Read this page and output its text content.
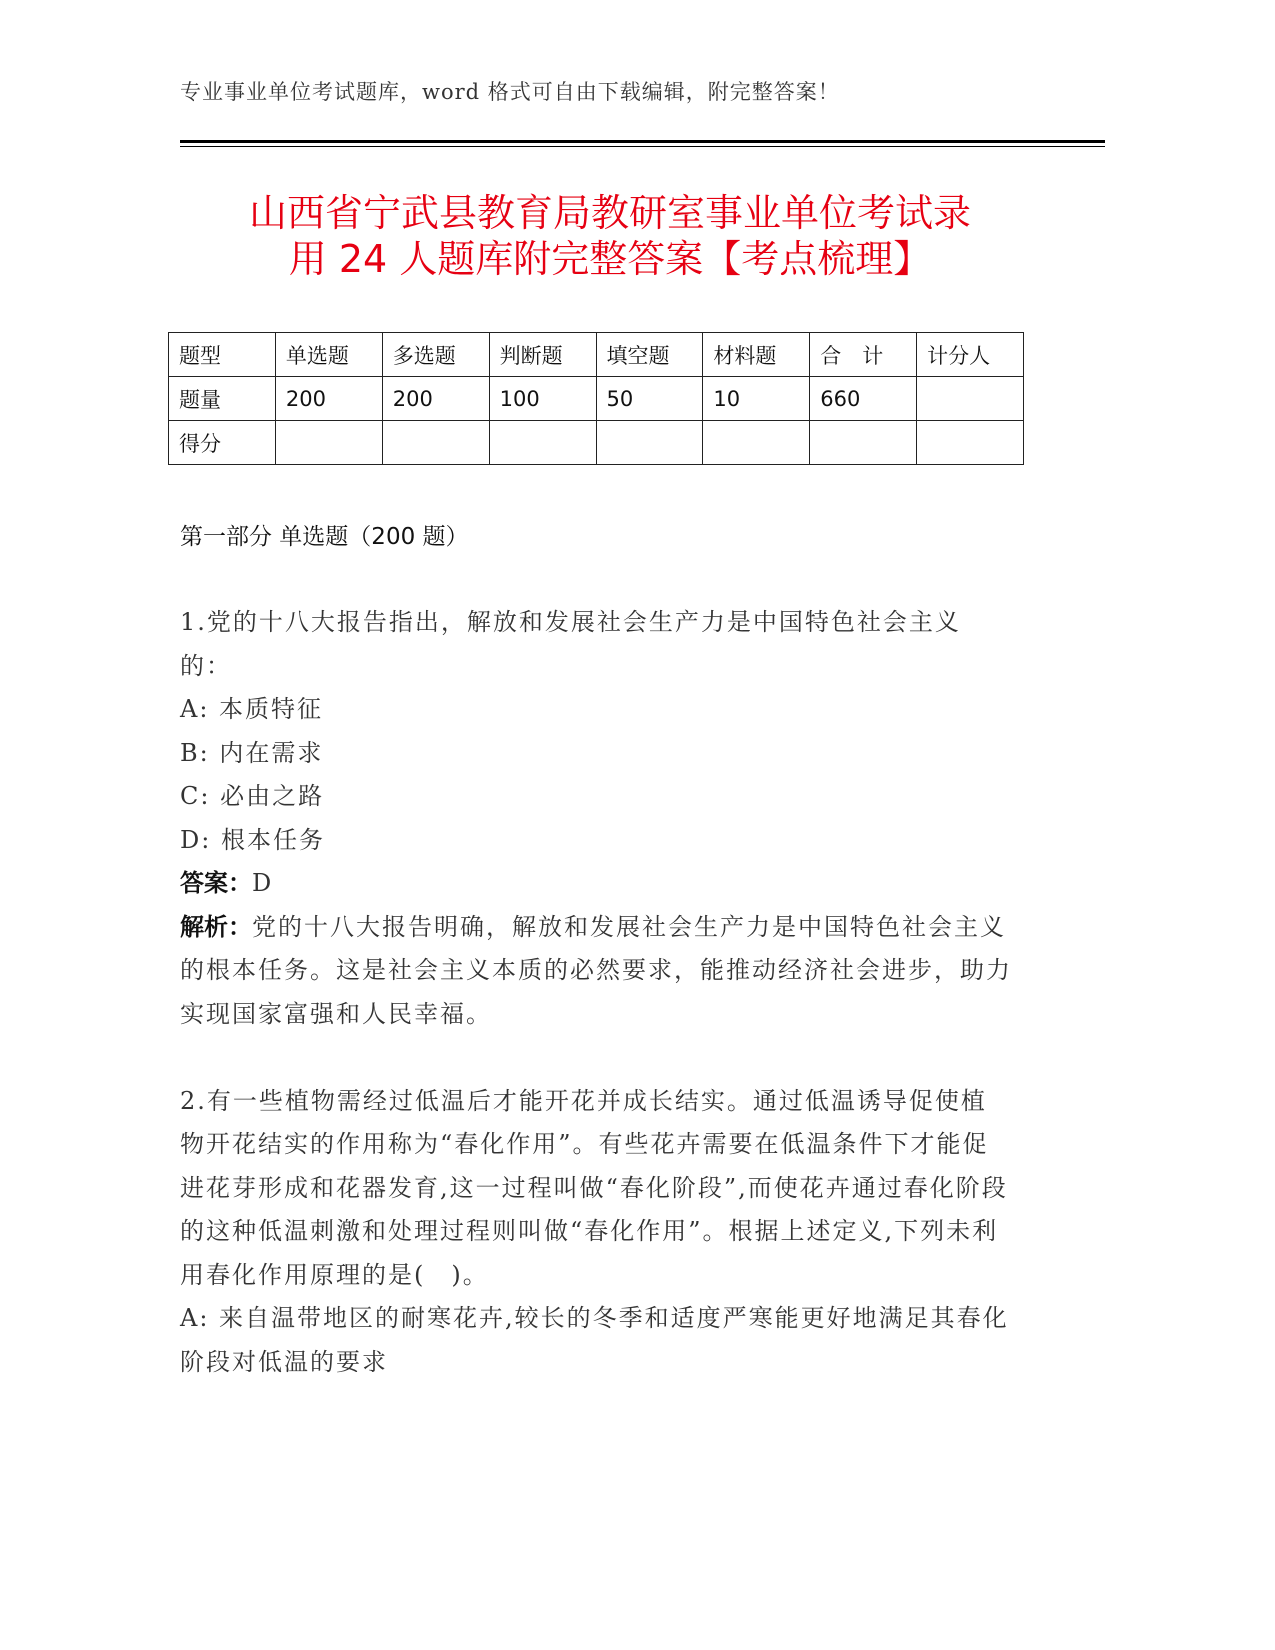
专业事业单位考试题库，word 格式可自由下载编辑，附完整答案！
山西省宁武县教育局教研室事业单位考试录
用 24 人题库附完整答案【考点梳理】
题型	单选题	多选题	判断题	填空题	材料题	合　计	计分人
题量	200	200	100	50	10	660	
得分							
第一部分 单选题（200 题）

1.党的十八大报告指出，解放和发展社会生产力是中国特色社会主义的：

A: 本质特征

B: 内在需求

C: 必由之路

D: 根本任务

答案：D

解析：党的十八大报告明确，解放和发展社会生产力是中国特色社会主义的根本任务。这是社会主义本质的必然要求，能推动经济社会进步，助力实现国家富强和人民幸福。

2.有一些植物需经过低温后才能开花并成长结实。通过低温诱导促使植物开花结实的作用称为“春化作用”。有些花卉需要在低温条件下才能促进花芽形成和花器发育,这一过程叫做“春化阶段”,而使花卉通过春化阶段的这种低温刺激和处理过程则叫做“春化作用”。根据上述定义,下列未利用春化作用原理的是(　)。

A: 来自温带地区的耐寒花卉,较长的冬季和适度严寒能更好地满足其春化阶段对低温的要求
